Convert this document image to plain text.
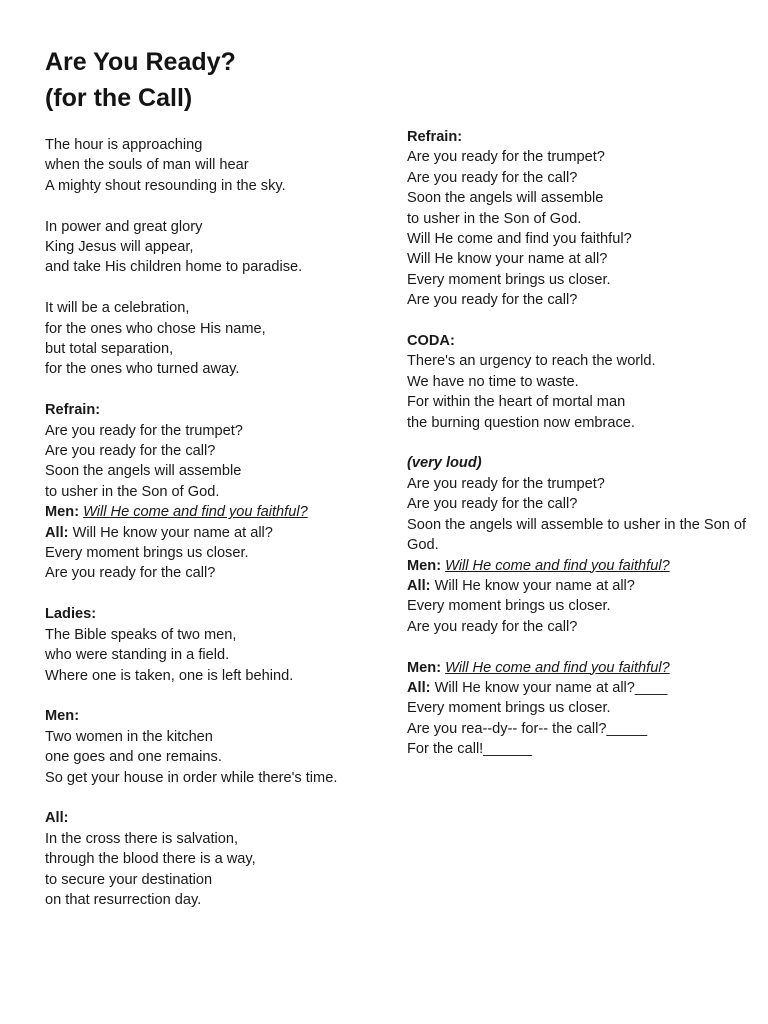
Are You Ready?
(for the Call)
The hour is approaching
when the souls of man will hear
A mighty shout resounding in the sky.
In power and great glory
King Jesus will appear,
and take His children home to paradise.
It will be a celebration,
for the ones who chose His name,
but total separation,
for the ones who turned away.
Refrain:
Are you ready for the trumpet?
Are you ready for the call?
Soon the angels will assemble
to usher in the Son of God.
Men: Will He come and find you faithful?
All: Will He know your name at all?
Every moment brings us closer.
Are you ready for the call?
Ladies:
The Bible speaks of two men,
who were standing in a field.
Where one is taken, one is left behind.
Men:
Two women in the kitchen
one goes and one remains.
So get your house in order while there's time.
All:
In the cross there is salvation,
through the blood there is a way,
to secure your destination
on that resurrection day.
Refrain:
Are you ready for the trumpet?
Are you ready for the call?
Soon the angels will assemble
to usher in the Son of God.
Will He come and find you faithful?
Will He know your name at all?
Every moment brings us closer.
Are you ready for the call?
CODA:
There's an urgency to reach the world.
We have no time to waste.
For within the heart of mortal man
the burning question now embrace.
(very loud)
Are you ready for the trumpet?
Are you ready for the call?
Soon the angels will assemble to usher in the Son of God.
Men: Will He come and find you faithful?
All: Will He know your name at all?
Every moment brings us closer.
Are you ready for the call?
Men: Will He come and find you faithful?
All: Will He know your name at all?____
Every moment brings us closer.
Are you rea--dy-- for-- the call?_____
For the call!______
